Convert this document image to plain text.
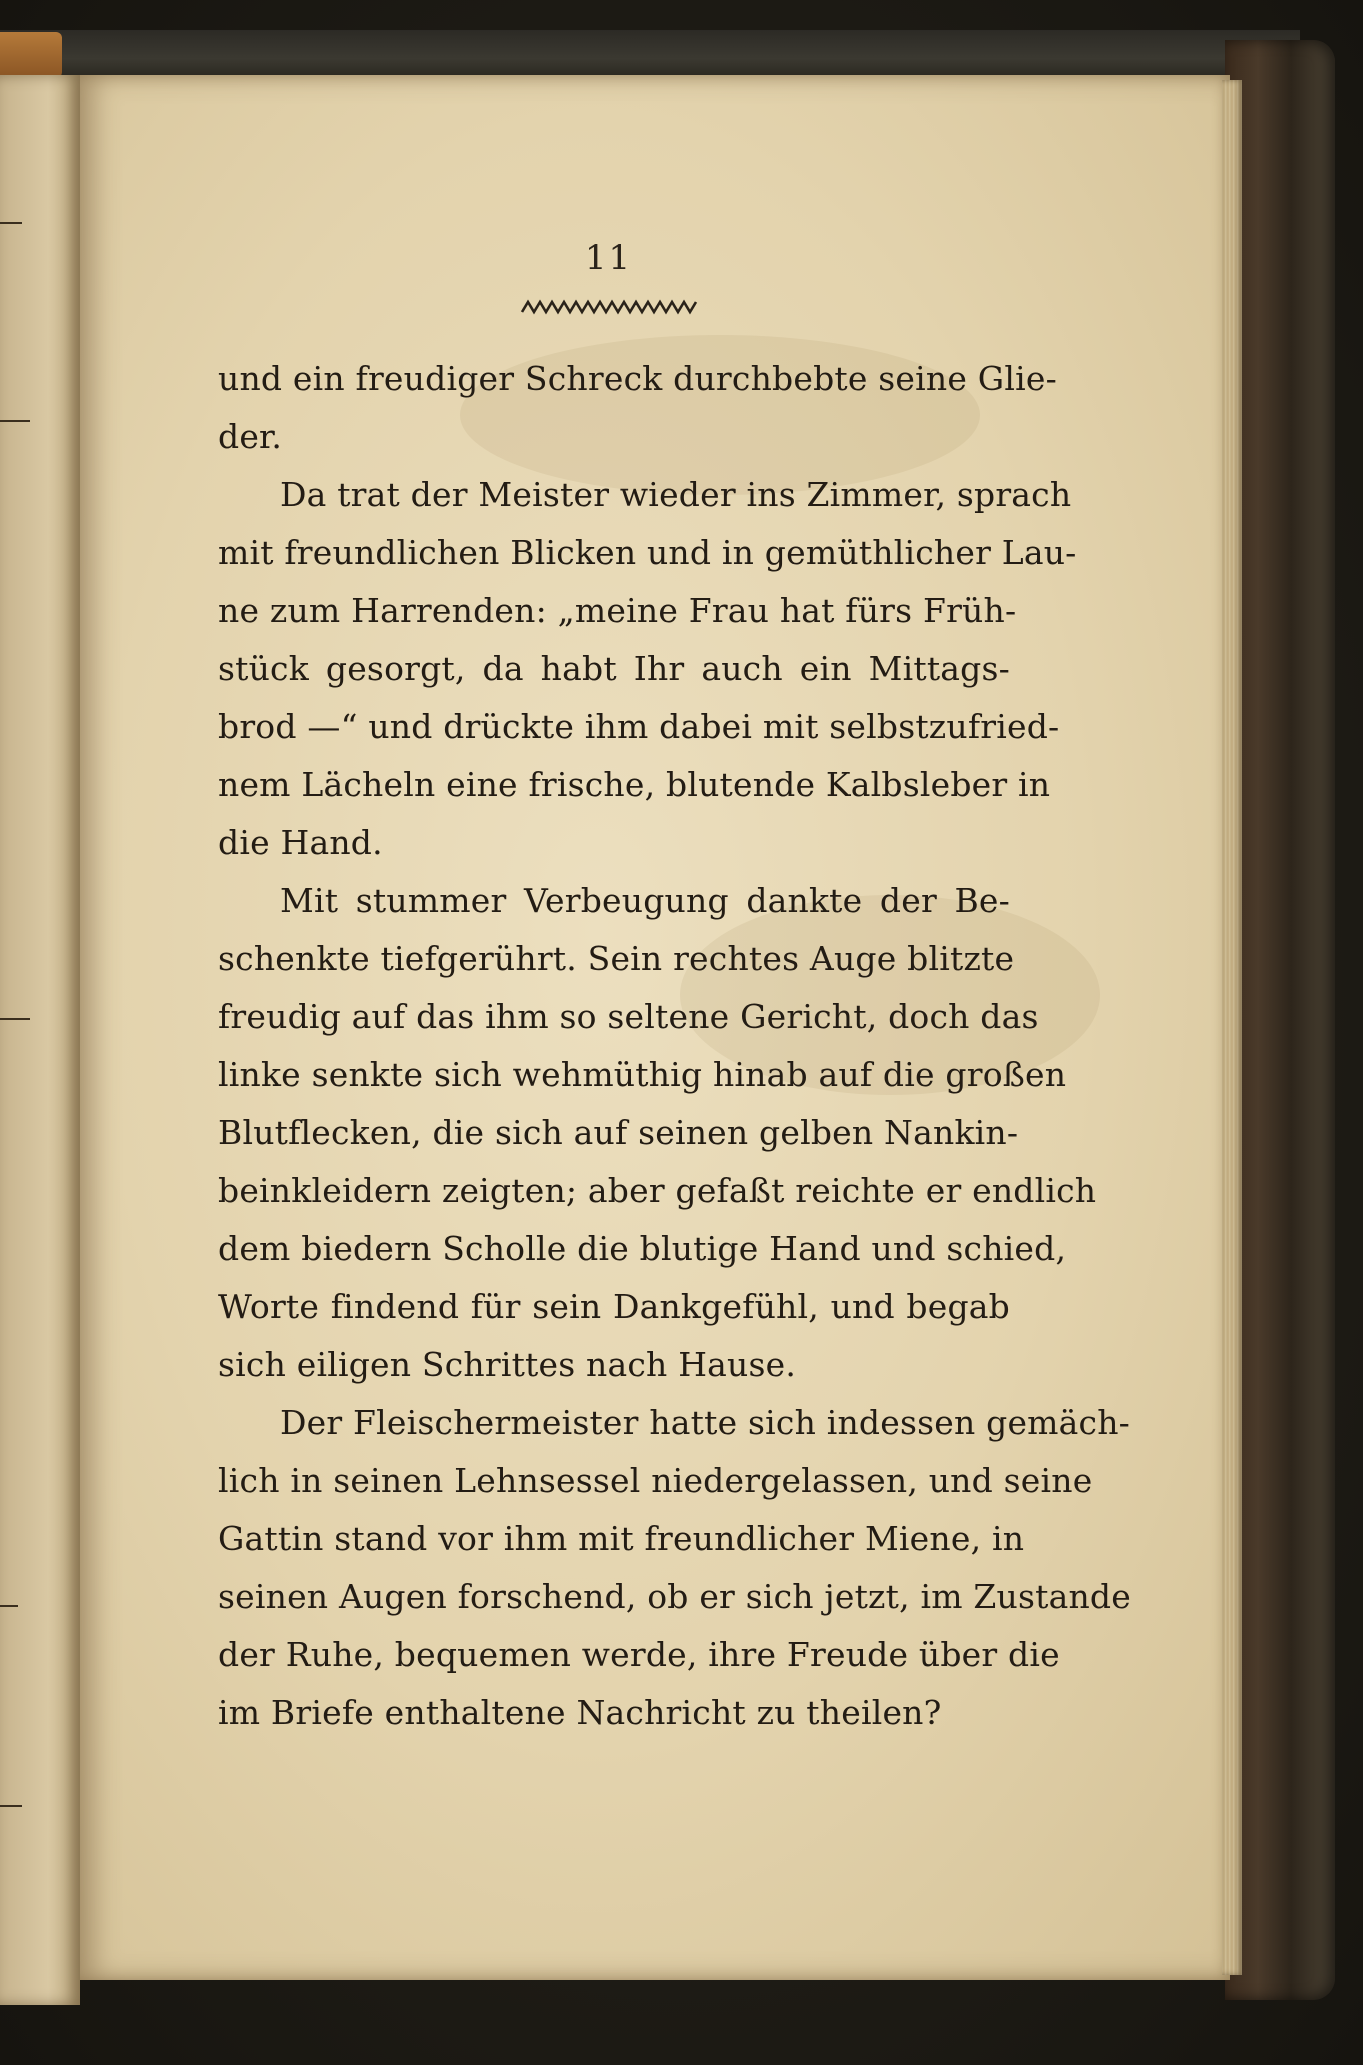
11
und ein freudiger Schreck durchbebte seine Glie-
der.
Da trat der Meister wieder ins Zimmer, sprach
mit freundlichen Blicken und in gemüthlicher Lau-
ne zum Harrenden: „meine Frau hat fürs Früh-
stück gesorgt, da habt Ihr auch ein Mittags-
brod —“ und drückte ihm dabei mit selbstzufried-
nem Lächeln eine frische, blutende Kalbsleber in
die Hand.
Mit stummer Verbeugung dankte der Be-
schenkte tiefgerührt. Sein rechtes Auge blitzte
freudig auf das ihm so seltene Gericht, doch das
linke senkte sich wehmüthig hinab auf die großen
Blutflecken, die sich auf seinen gelben Nankin-
beinkleidern zeigten; aber gefaßt reichte er endlich
dem biedern Scholle die blutige Hand und schied,
Worte findend für sein Dankgefühl, und begab
sich eiligen Schrittes nach Hause.
Der Fleischermeister hatte sich indessen gemäch-
lich in seinen Lehnsessel niedergelassen, und seine
Gattin stand vor ihm mit freundlicher Miene, in
seinen Augen forschend, ob er sich jetzt, im Zustande
der Ruhe, bequemen werde, ihre Freude über die
im Briefe enthaltene Nachricht zu theilen?
